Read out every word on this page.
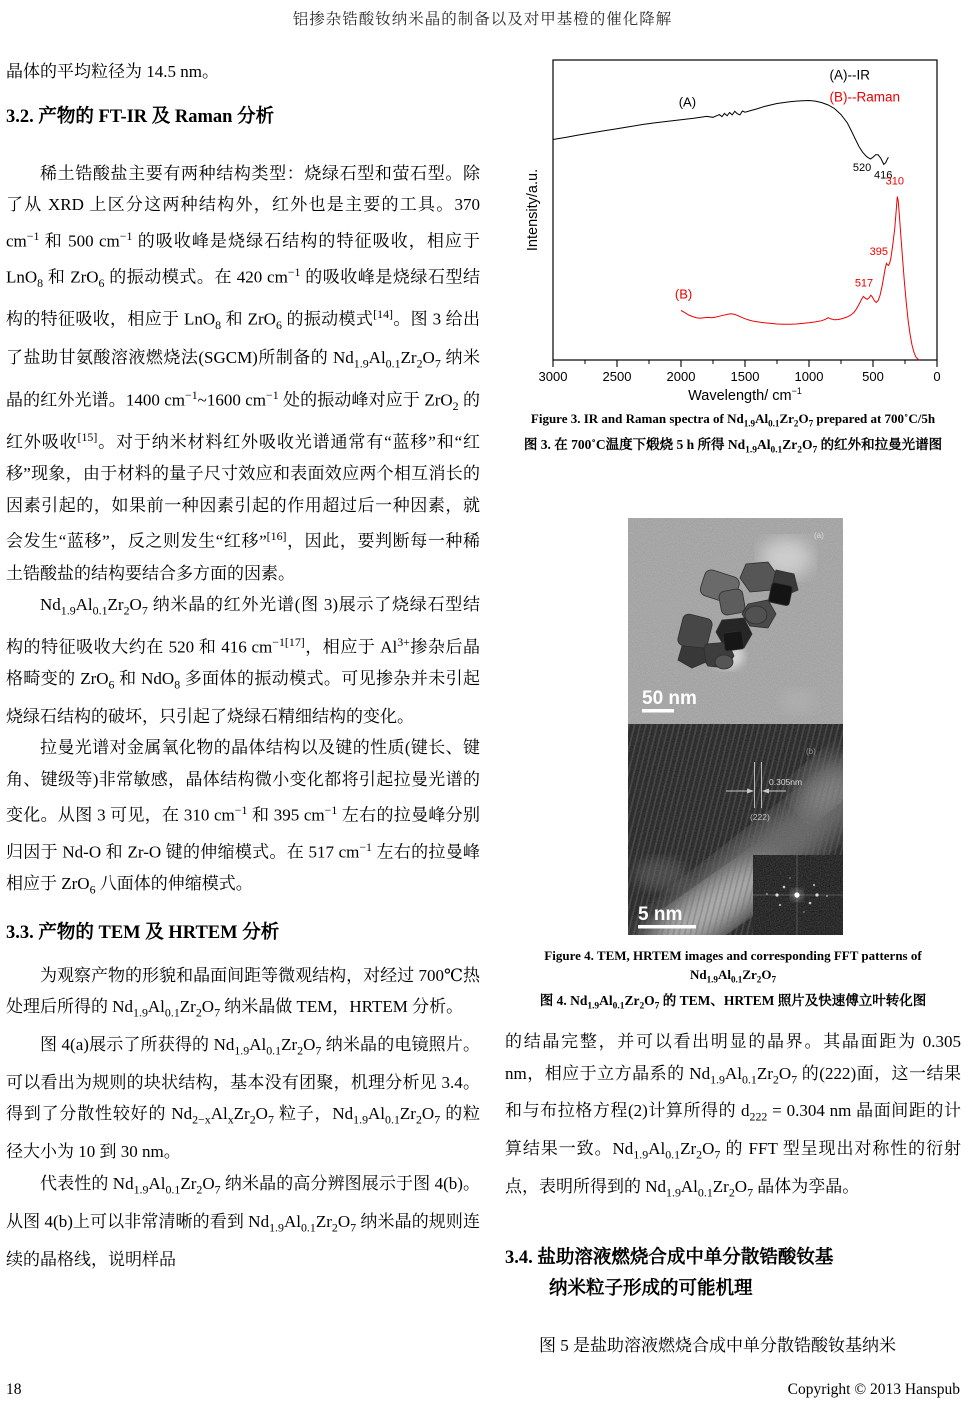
铝掺杂锆酸钕纳米晶的制备以及对甲基橙的催化降解

晶体的平均粒径为 14.5 nm。

3.2. 产物的 FT-IR 及 Raman 分析

稀土锆酸盐主要有两种结构类型：烧绿石型和萤石型。除了从 XRD 上区分这两种结构外，红外也是主要的工具。370 $cm^{-1}$ 和 500 $cm^{-1}$ 的吸收峰是烧绿石结构的特征吸收，相应于 LnO$_8$ 和 ZrO$_6$ 的振动模式。在 420 $cm^{-1}$ 的吸收峰是烧绿石型结构的特征吸收，相应于 LnO$_8$ 和 ZrO$_6$ 的振动模式[14]。图 3 给出了盐助甘氨酸溶液燃烧法(SGCM)所制备的 $Nd_{1.9}Al_{0.1}Zr_2O_7$ 纳米晶的红外光谱。1400 $cm^{-1}\sim 1600$ $cm^{-1}$ 处的振动峰对应于 ZrO$_2$ 的红外吸收[15]。对于纳米材料红外吸收光谱通常有“蓝移”和“红移”现象，由于材料的量子尺寸效应和表面效应两个相互消长的因素引起的，如果前一种因素引起的作用超过后一种因素，就会发生“蓝移”，反之则发生“红移”[16]，因此，要判断每一种稀土锆酸盐的结构要结合多方面的因素。

$Nd_{1.9}Al_{0.1}Zr_2O_7$ 纳米晶的红外光谱(图 3)展示了烧绿石型结构的特征吸收大约在 520 和 416 $cm^{-1[17]}$，相应于 $Al^{3+}$掺杂后晶格畸变的 ZrO$_6$ 和 NdO$_8$ 多面体的振动模式。可见掺杂并未引起烧绿石结构的破坏，只引起了烧绿石精细结构的变化。

拉曼光谱对金属氧化物的晶体结构以及键的性质(键长、键角、键级等)非常敏感，晶体结构微小变化都将引起拉曼光谱的变化。从图 3 可见，在 310 $cm^{-1}$ 和 395 $cm^{-1}$ 左右的拉曼峰分别归因于 Nd-O 和 Zr-O 键的伸缩模式。在 517 $cm^{-1}$ 左右的拉曼峰相应于 ZrO$_6$ 八面体的伸缩模式。

3.3. 产物的 TEM 及 HRTEM 分析

为观察产物的形貌和晶面间距等微观结构，对经过 700℃热处理后所得的 $Nd_{1.9}Al_{0.1}Zr_2O_7$ 纳米晶做 TEM，HRTEM 分析。

图 4(a)展示了所获得的 $Nd_{1.9}Al_{0.1}Zr_2O_7$ 纳米晶的电镜照片。可以看出为规则的块状结构，基本没有团聚，机理分析见 3.4。得到了分散性较好的 $Nd_{2-x}Al_xZr_2O_7$ 粒子，$Nd_{1.9}Al_{0.1}Zr_2O_7$ 的粒径大小为 10 到 30 nm。

代表性的 $Nd_{1.9}Al_{0.1}Zr_2O_7$ 纳米晶的高分辨图展示于图 4(b)。从图 4(b)上可以非常清晰的看到 $Nd_{1.9}Al_{0.1}Zr_2O_7$ 纳米晶的规则连续的晶格线，说明样品

3000	2500	2000	1500	1000	500	0
Wavelength/ $cm^{-1}$
Intensity/a.u.
(A)
(B)
520
416
310
395
517
(A)--IR
(B)--Raman
Figure 3. IR and Raman spectra of $Nd_{1.9}Al_{0.1}Zr_2O_7$ prepared at 700˚C/5h
图 3. 在 700˚C温度下煅烧 5 h 所得 $Nd_{1.9}Al_{0.1}Zr_2O_7$ 的红外和拉曼光谱图
(a)
50 nm
0.305nm
(222)
(b)
5 nm
Figure 4. TEM, HRTEM images and corresponding FFT patterns of $Nd_{1.9}Al_{0.1}Zr_2O_7$
图 4. $Nd_{1.9}Al_{0.1}Zr_2O_7$ 的 TEM、HRTEM 照片及快速傅立叶转化图

的结晶完整，并可以看出明显的晶界。其晶面距为 0.305 nm，相应于立方晶系的 $Nd_{1.9}Al_{0.1}Zr_2O_7$ 的(222)面，这一结果和与布拉格方程(2)计算所得的 $d_{222} = 0.304$ nm 晶面间距的计算结果一致。$Nd_{1.9}Al_{0.1}Zr_2O_7$ 的 FFT 型呈现出对称性的衍射点，表明所得到的 $Nd_{1.9}Al_{0.1}Zr_2O_7$ 晶体为孪晶。

3.4. 盐助溶液燃烧合成中单分散锆酸钕基

纳米粒子形成的可能机理

图 5 是盐助溶液燃烧合成中单分散锆酸钕基纳米

18	Copyright © 2013 Hanspub
